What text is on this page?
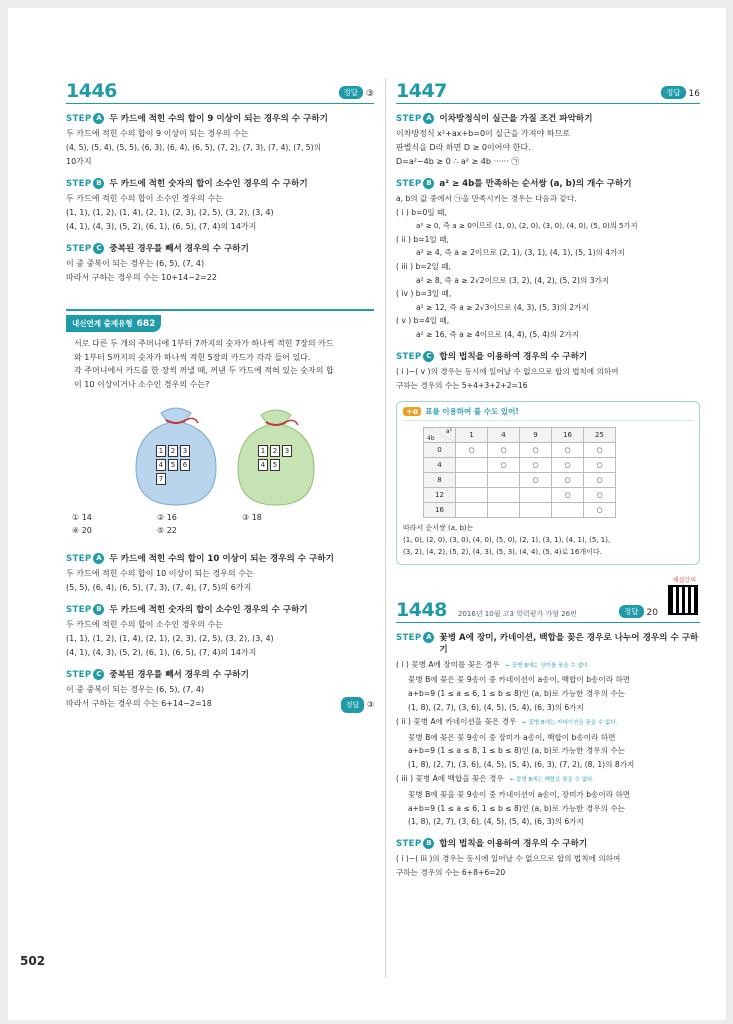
1446	정답 ③
STEP A 두 카드에 적힌 수의 합이 9 이상이 되는 경우의 수 구하기
두 카드에 적힌 수의 합이 9 이상이 되는 경우의 수는
(4, 5), (5, 4), (5, 5), (6, 3), (6, 4), (6, 5), (7, 2), (7, 3), (7, 4), (7, 5)의
10가지
STEP B 두 카드에 적힌 숫자의 합이 소수인 경우의 수 구하기
두 카드에 적힌 수의 합이 소수인 경우의 수는
(1, 1), (1, 2), (1, 4), (2, 1), (2, 3), (2, 5), (3, 2), (3, 4)
(4, 1), (4, 3), (5, 2), (6, 1), (6, 5), (7, 4)의 14가지
STEP C 중복된 경우를 빼서 경우의 수 구하기
이 중 중복이 되는 경우는 (6, 5), (7, 4)
따라서 구하는 경우의 수는 10+14−2=22
내신연계 출제유형 682
서로 다른 두 개의 주머니에 1부터 7까지의 숫자가 하나씩 적힌 7장의 카드
와 1부터 5까지의 숫자가 하나씩 적힌 5장의 카드가 각각 들어 있다.
각 주머니에서 카드를 한 장씩 꺼낼 때, 꺼낸 두 카드에 적혀 있는 숫자의 합
이 10 이상이거나 소수인 경우의 수는?
1	2	3
4	5	6
7
1	2	3
4	5
① 14	② 16	③ 18
④ 20	⑤ 22
STEP A 두 카드에 적힌 수의 합이 10 이상이 되는 경우의 수 구하기
두 카드에 적힌 수의 합이 10 이상이 되는 경우의 수는
(5, 5), (6, 4), (6, 5), (7, 3), (7, 4), (7, 5)의 6가지
STEP B 두 카드에 적힌 숫자의 합이 소수인 경우의 수 구하기
두 카드에 적힌 수의 합이 소수인 경우의 수는
(1, 1), (1, 2), (1, 4), (2, 1), (2, 3), (2, 5), (3, 2), (3, 4)
(4, 1), (4, 3), (5, 2), (6, 1), (6, 5), (7, 4)의 14가지
STEP C 중복된 경우를 빼서 경우의 수 구하기
이 중 중복이 되는 경우는 (6, 5), (7, 4)
따라서 구하는 경우의 수는 6+14−2=18	정답 ③
1447	정답 16
STEP A 이차방정식이 실근을 가질 조건 파악하기
이차방정식 x²+ax+b=0이 실근을 가져야 하므로
판별식을 D라 하면 D ≥ 0이어야 한다.
D=a²−4b ≥ 0 ∴ a² ≥ 4b ······ ㉠
STEP B a² ≥ 4b를 만족하는 순서쌍 (a, b)의 개수 구하기
a, b의 값 중에서 ㉠을 만족시키는 경우는 다음과 같다.
( i ) b=0일 때,
a² ≥ 0, 즉 a ≥ 0이므로 (1, 0), (2, 0), (3, 0), (4, 0), (5, 0)의 5가지
( ii ) b=1일 때,
a² ≥ 4, 즉 a ≥ 2이므로 (2, 1), (3, 1), (4, 1), (5, 1)의 4가지
( iii ) b=2일 때,
a² ≥ 8, 즉 a ≥ 2√2이므로 (3, 2), (4, 2), (5, 2)의 3가지
( iv ) b=3일 때,
a² ≥ 12, 즉 a ≥ 2√3이므로 (4, 3), (5, 3)의 2가지
( v ) b=4일 때,
a² ≥ 16, 즉 a ≥ 4이므로 (4, 4), (5, 4)의 2가지
STEP C 합의 법칙을 이용하여 경우의 수 구하기
( i )~( v )의 경우는 동시에 일어날 수 없으므로 합의 법칙에 의하여
구하는 경우의 수는 5+4+3+2+2=16
+α 표를 이용하여 풀 수도 있어!
a²
4b	1	4	9	16	25
0	○	○	○	○	○
4		○	○	○	○
8			○	○	○
12				○	○
16					○
따라서 순서쌍 (a, b)는
(1, 0), (2, 0), (3, 0), (4, 0), (5, 0), (2, 1), (3, 1), (4, 1), (5, 1),
(3, 2), (4, 2), (5, 2), (4, 3), (5, 3), (4, 4), (5, 4)로 16개이다.
1448 2016년 10월 고3 학력평가 가형 26번	정답 20
해설강의
STEP A 꽃병 A에 장미, 카네이션, 백합을 꽂은 경우로 나누어 경우의 수 구하기
( i ) 꽃병 A에 장미를 꽂은 경우 ← 꽃병 B에는 장미를 꽂을 수 없다.
꽃병 B에 꽂은 꽃 9송이 중 카네이션이 a송이, 백합이 b송이라 하면
a+b=9 (1 ≤ a ≤ 6, 1 ≤ b ≤ 8)인 (a, b)로 가능한 경우의 수는
(1, 8), (2, 7), (3, 6), (4, 5), (5, 4), (6, 3)의 6가지
( ii ) 꽃병 A에 카네이션을 꽂은 경우 ← 꽃병 B에는 카네이션을 꽂을 수 없다.
꽃병 B에 꽂은 꽃 9송이 중 장미가 a송이, 백합이 b송이라 하면
a+b=9 (1 ≤ a ≤ 8, 1 ≤ b ≤ 8)인 (a, b)로 가능한 경우의 수는
(1, 8), (2, 7), (3, 6), (4, 5), (5, 4), (6, 3), (7, 2), (8, 1)의 8가지
( iii ) 꽃병 A에 백합을 꽂은 경우 ← 꽃병 B에는 백합을 꽂을 수 없다.
꽃병 B에 꽂을 꽃 9송이 중 카네이션이 a송이, 장미가 b송이라 하면
a+b=9 (1 ≤ a ≤ 6, 1 ≤ b ≤ 8)인 (a, b)로 가능한 경우의 수는
(1, 8), (2, 7), (3, 6), (4, 5), (5, 4), (6, 3)의 6가지
STEP B 합의 법칙을 이용하여 경우의 수 구하기
( i )~( iii )의 경우는 동시에 일어날 수 없으므로 합의 법칙에 의하여
구하는 경우의 수는 6+8+6=20
502
